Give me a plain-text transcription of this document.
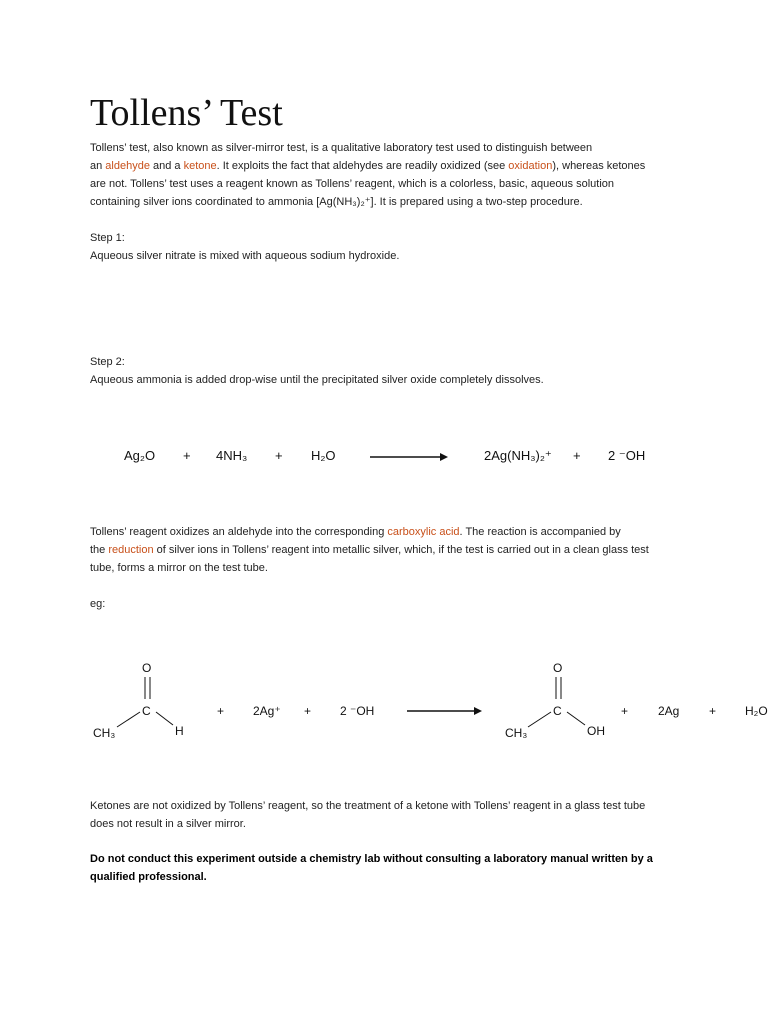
Tollens’ Test

Tollens’ test, also known as silver-mirror test, is a qualitative laboratory test used to distinguish between

an aldehyde and a ketone. It exploits the fact that aldehydes are readily oxidized (see oxidation), whereas ketones

are not. Tollens’ test uses a reagent known as Tollens’ reagent, which is a colorless, basic, aqueous solution

containing silver ions coordinated to ammonia [Ag(NH₃)₂⁺]. It is prepared using a two-step procedure.

Step 1:

Aqueous silver nitrate is mixed with aqueous sodium hydroxide.

Step 2:

Aqueous ammonia is added drop-wise until the precipitated silver oxide completely dissolves.

Ag₂O + 4NH₃ + H₂O	2Ag(NH₃)₂⁺ + 2 ⁻OH

Tollens’ reagent oxidizes an aldehyde into the corresponding carboxylic acid. The reaction is accompanied by

the reduction of silver ions in Tollens’ reagent into metallic silver, which, if the test is carried out in a clean glass test

tube, forms a mirror on the test tube.

eg:

O
C
CH₃	H
+ 2Ag⁺ + 2 ⁻OH
O
C
CH₃	OH
+ 2Ag + H₂O

Ketones are not oxidized by Tollens’ reagent, so the treatment of a ketone with Tollens’ reagent in a glass test tube

does not result in a silver mirror.

Do not conduct this experiment outside a chemistry lab without consulting a laboratory manual written by a

qualified professional.
